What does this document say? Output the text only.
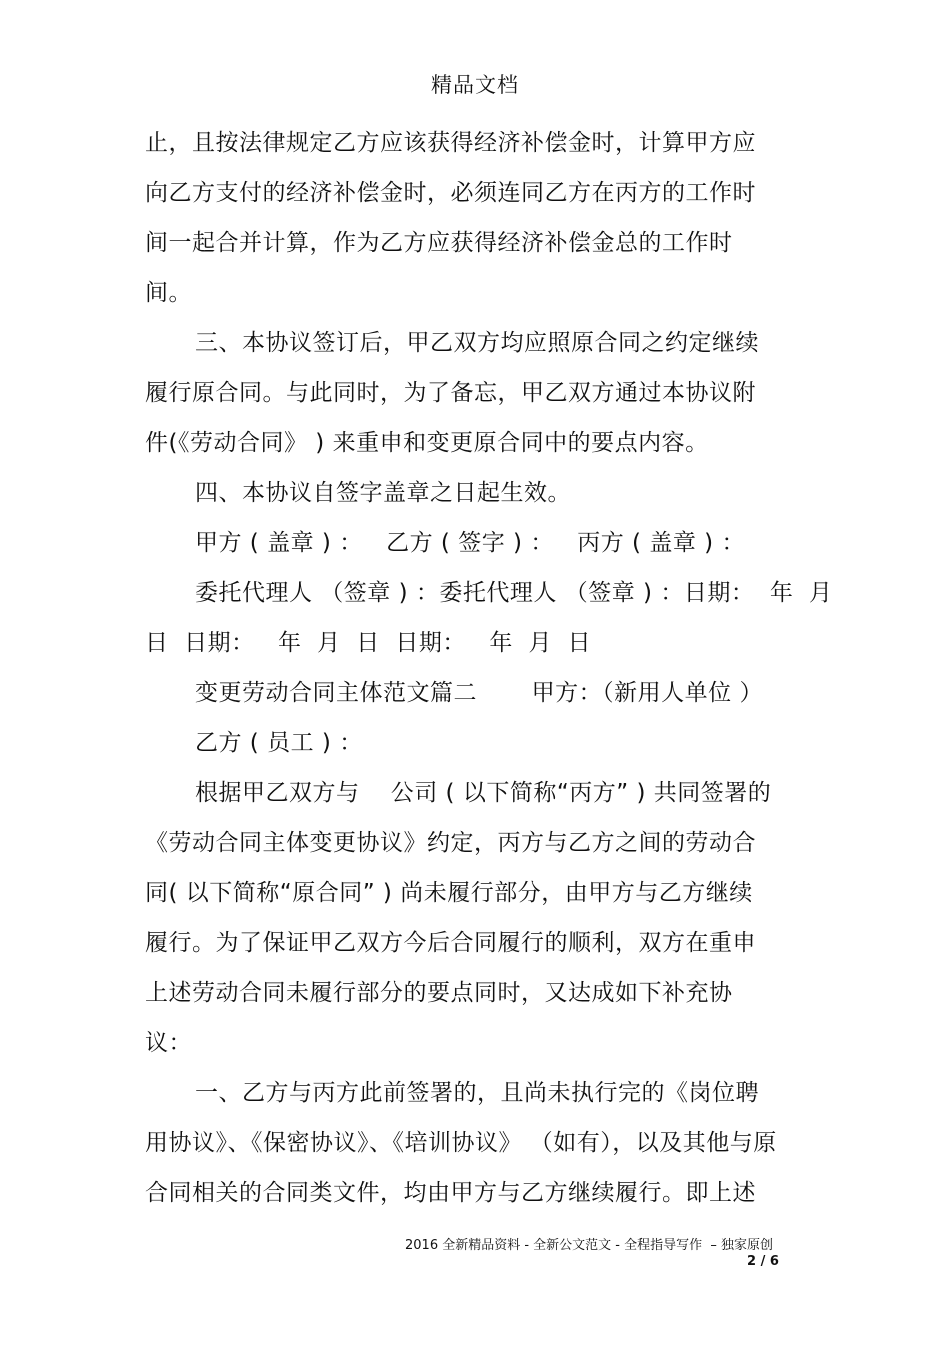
精品文档
止，且按法律规定乙方应该获得经济补偿金时，计算甲方应
向乙方支付的经济补偿金时，必须连同乙方在丙方的工作时
间一起合并计算，作为乙方应获得经济补偿金总的工作时
间。
三、本协议签订后，甲乙双方均应照原合同之约定继续
履行原合同。与此同时，为了备忘，甲乙双方通过本协议附
件(《劳动合同》 ) 来重申和变更原合同中的要点内容。
四、本协议自签字盖章之日起生效。
甲方 ( 盖章 ) ：   乙方 ( 签字 ) ：   丙方 ( 盖章 ) ：
委托代理人 （签章 ) ：委托代理人 （签章 ) ：日期：  年  月
日  日期：   年  月  日  日期：   年  月  日
变更劳动合同主体范文篇二       甲方：（新用人单位 ）
乙方 ( 员工 ) ：
根据甲乙双方与    公司 ( 以下简称“丙方” ) 共同签署的
《劳动合同主体变更协议》约定，丙方与乙方之间的劳动合
同( 以下简称“原合同” ) 尚未履行部分，由甲方与乙方继续
履行。为了保证甲乙双方今后合同履行的顺利，双方在重申
上述劳动合同未履行部分的要点同时，又达成如下补充协
议：
一、乙方与丙方此前签署的，且尚未执行完的《岗位聘
用协议》、《保密协议》、《培训协议》 （如有），以及其他与原
合同相关的合同类文件，均由甲方与乙方继续履行。即上述
2016 全新精品资料 - 全新公文范文 - 全程指导写作  – 独家原创
2 / 6
